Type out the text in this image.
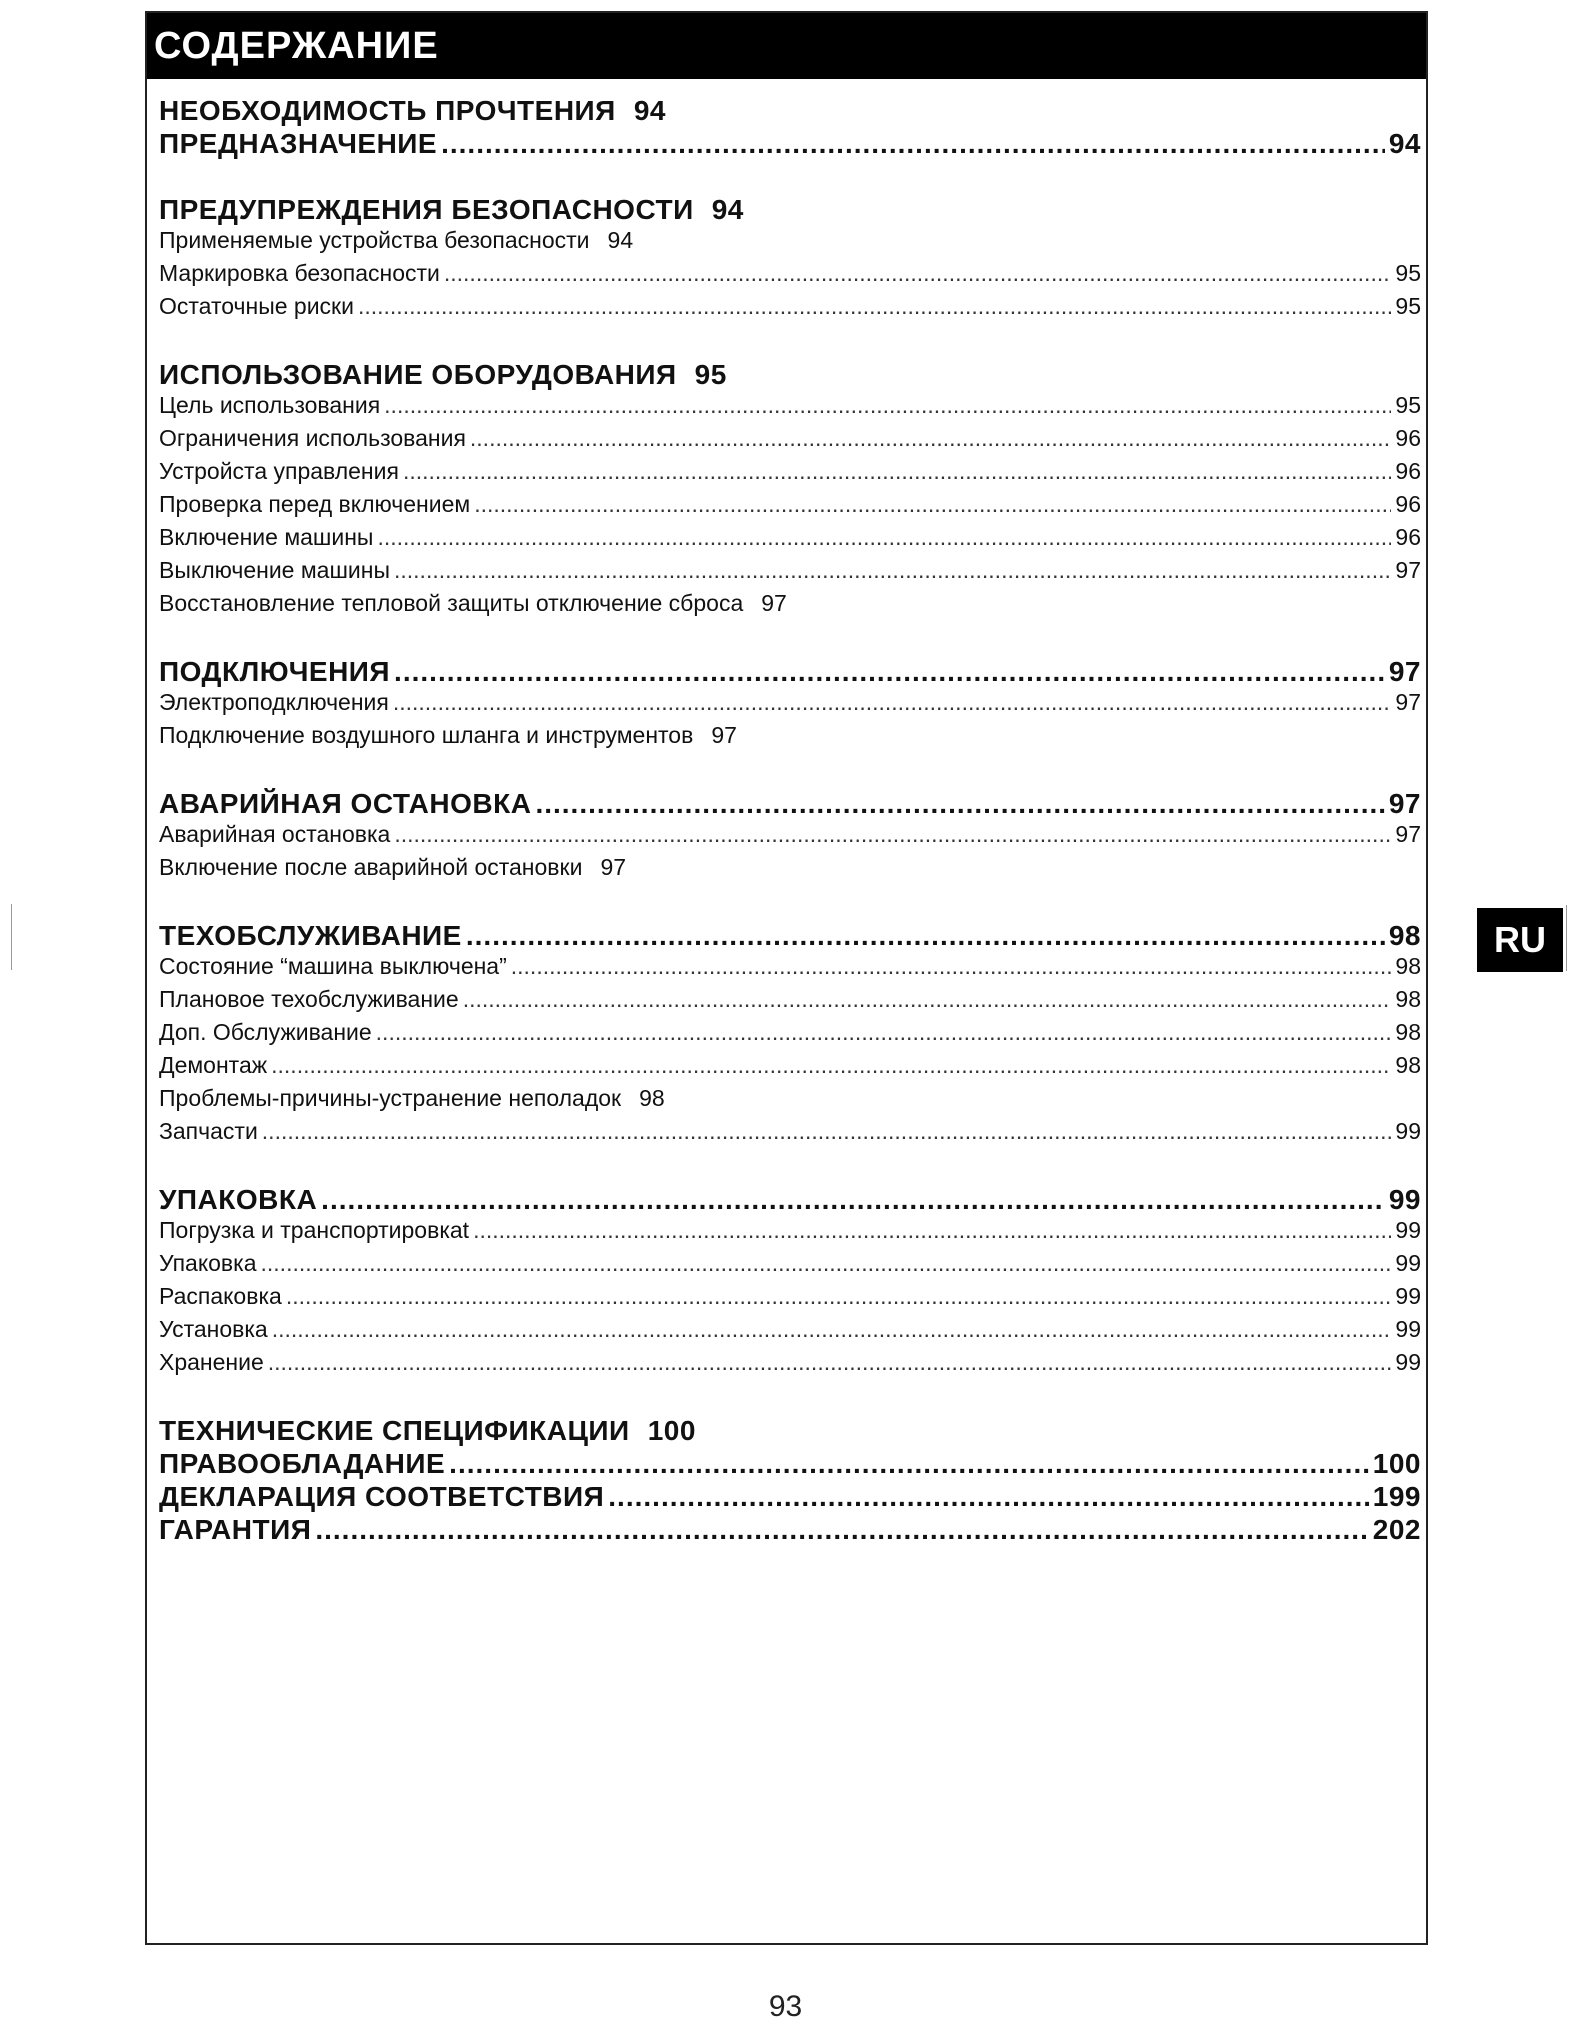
СОДЕРЖАНИЕ
НЕОБХОДИМОСТЬ ПРОЧТЕНИЯ 94
ПРЕДНАЗНАЧЕНИЕ .....	94
ПРЕДУПРЕЖДЕНИЯ БЕЗОПАСНОСТИ 94
Применяемые устройства безопасности 94
Маркировка безопасности .....	95
Остаточные риски .....	95
ИСПОЛЬЗОВАНИЕ ОБОРУДОВАНИЯ 95
Цель использования .....	95
Ограничения использования .....	96
Устройста управления .....	96
Проверка перед включением .....	96
Включение машины .....	96
Выключение машины .....	97
Восстановление тепловой защиты отключение сброса 97
ПОДКЛЮЧЕНИЯ .....	97
Электроподключения .....	97
Подключение воздушного шланга и инструментов 97
АВАРИЙНАЯ ОСТАНОВКА .....	97
Аварийная остановка .....	97
Включение после аварийной остановки 97
ТЕХОБСЛУЖИВАНИЕ .....	98
Состояние “машина выключена” .....	98
Плановое техобслуживание .....	98
Доп. Обслуживание .....	98
Демонтаж .....	98
Проблемы-причины-устранение неполадок 98
Запчасти .....	99
УПАКОВКА .....	99
Погрузка и транспортировкаt .....	99
Упаковка .....	99
Распаковка .....	99
Установка .....	99
Хранение .....	99
ТЕХНИЧЕСКИЕ СПЕЦИФИКАЦИИ 100
ПРАВООБЛАДАНИЕ .....	100
ДЕКЛАРАЦИЯ СООТВЕТСТВИЯ .....	199
ГАРАНТИЯ .....	202
RU
93
